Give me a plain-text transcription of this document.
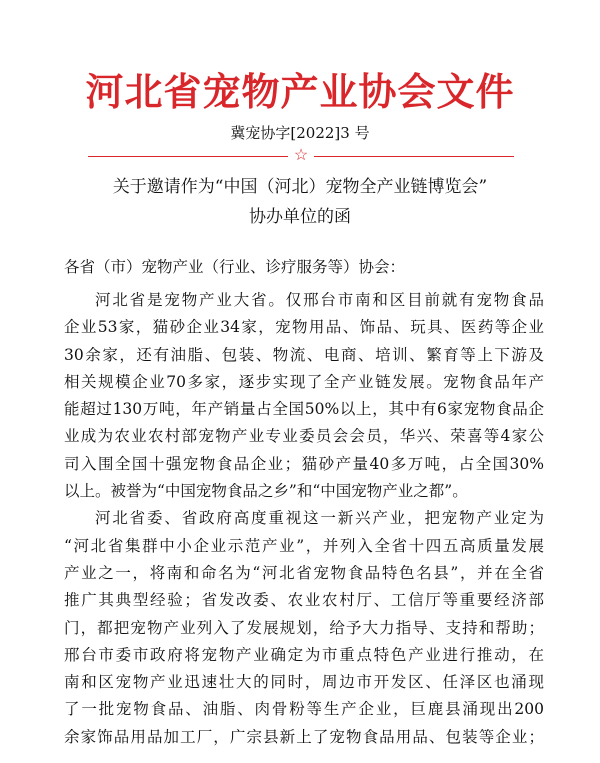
河北省宠物产业协会文件
冀宠协字[2022]3 号
☆
关于邀请作为“中国（河北）宠物全产业链博览会”
协办单位的函
各省（市）宠物产业（行业、诊疗服务等）协会：
河北省是宠物产业大省。仅邢台市南和区目前就有宠物食品
企业53家，猫砂企业34家，宠物用品、饰品、玩具、医药等企业
30余家，还有油脂、包装、物流、电商、培训、繁育等上下游及
相关规模企业70多家，逐步实现了全产业链发展。宠物食品年产
能超过130万吨，年产销量占全国50%以上，其中有6家宠物食品企
业成为农业农村部宠物产业专业委员会会员，华兴、荣喜等4家公
司入围全国十强宠物食品企业；猫砂产量40多万吨，占全国30%
以上。被誉为“中国宠物食品之乡”和“中国宠物产业之都”。
河北省委、省政府高度重视这一新兴产业，把宠物产业定为
“河北省集群中小企业示范产业”，并列入全省十四五高质量发展
产业之一，将南和命名为“河北省宠物食品特色名县”，并在全省
推广其典型经验；省发改委、农业农村厅、工信厅等重要经济部
门，都把宠物产业列入了发展规划，给予大力指导、支持和帮助；
邢台市委市政府将宠物产业确定为市重点特色产业进行推动，在
南和区宠物产业迅速壮大的同时，周边市开发区、任泽区也涌现
了一批宠物食品、油脂、肉骨粉等生产企业，巨鹿县涌现出200
余家饰品用品加工厂，广宗县新上了宠物食品用品、包装等企业；
